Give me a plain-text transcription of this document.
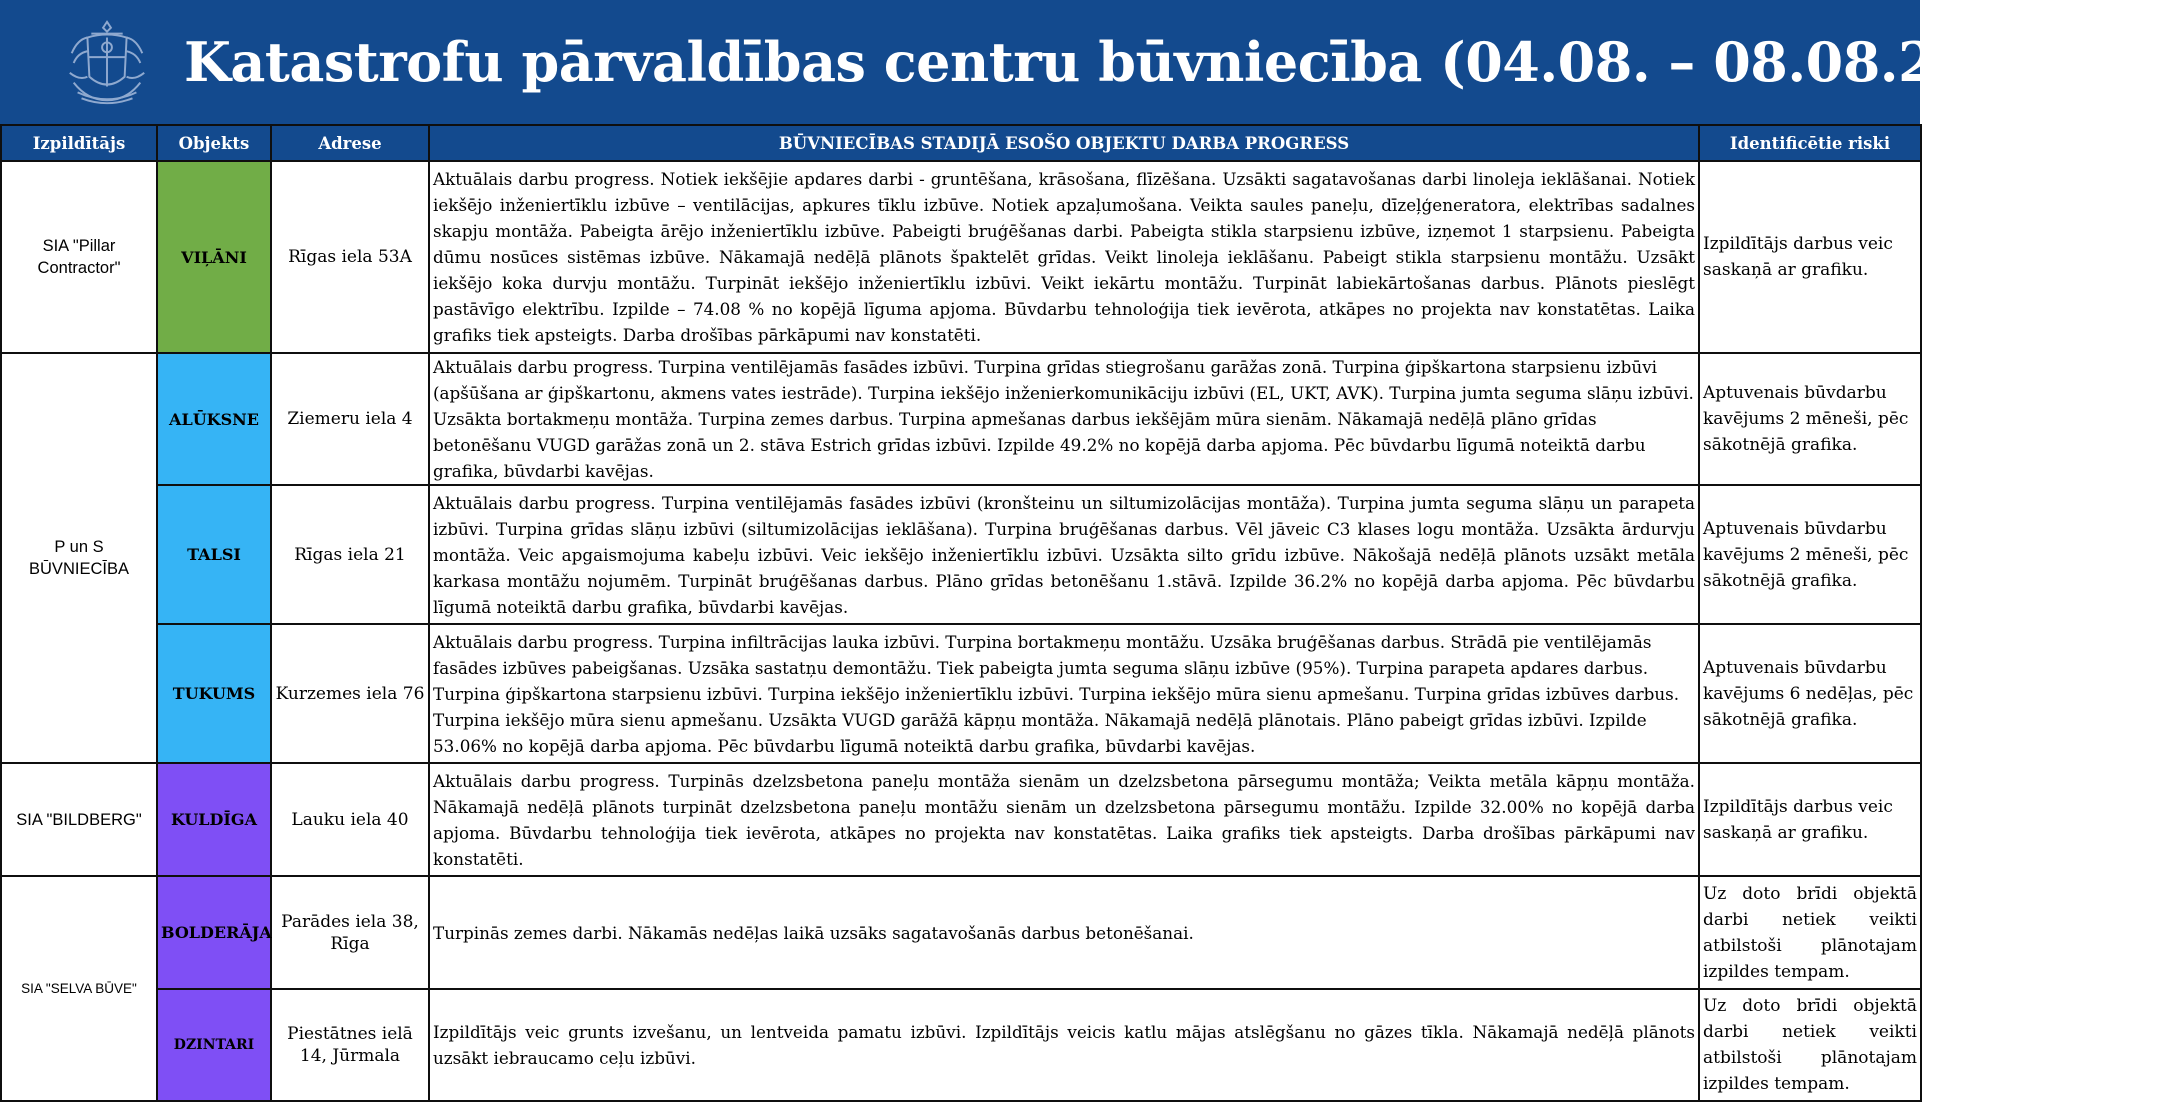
Katastrofu pārvaldības centru būvniecība (04.08. – 08.08.2025) (2)
Izpildītājs	Objekts	Adrese	BŪVNIECĪBAS STADIJĀ ESOŠO OBJEKTU DARBA PROGRESS	Identificētie riski
SIA "Pillar Contractor"	VIĻĀNI	Rīgas iela 53A	Aktuālais darbu progress. Notiek iekšējie apdares darbi - gruntēšana, krāsošana, flīzēšana. Uzsākti sagatavošanas darbi linoleja ieklāšanai. Notiek iekšējo inženiertīklu izbūve – ventilācijas, apkures tīklu izbūve. Notiek apzaļumošana. Veikta saules paneļu, dīzeļģeneratora, elektrības sadalnes skapju montāža. Pabeigta ārējo inženiertīklu izbūve. Pabeigti bruģēšanas darbi. Pabeigta stikla starpsienu izbūve, izņemot 1 starpsienu. Pabeigta dūmu nosūces sistēmas izbūve. Nākamajā nedēļā plānots špaktelēt grīdas. Veikt linoleja ieklāšanu. Pabeigt stikla starpsienu montāžu. Uzsākt iekšējo koka durvju montāžu. Turpināt iekšējo inženiertīklu izbūvi. Veikt iekārtu montāžu. Turpināt labiekārtošanas darbus. Plānots pieslēgt pastāvīgo elektrību. Izpilde – 74.08 % no kopējā līguma apjoma. Būvdarbu tehnoloģija tiek ievērota, atkāpes no projekta nav konstatētas. Laika grafiks tiek apsteigts. Darba drošības pārkāpumi nav konstatēti.	Izpildītājs darbus veic saskaņā ar grafiku.
P un S BŪVNIECĪBA	ALŪKSNE	Ziemeru iela 4	Aktuālais darbu progress. Turpina ventilējamās fasādes izbūvi. Turpina grīdas stiegrošanu garāžas zonā. Turpina ģipškartona starpsienu izbūvi (apšūšana ar ģipškartonu, akmens vates iestrāde). Turpina iekšējo inženierkomunikāciju izbūvi (EL, UKT, AVK). Turpina jumta seguma slāņu izbūvi. Uzsākta bortakmeņu montāža. Turpina zemes darbus. Turpina apmešanas darbus iekšējām mūra sienām. Nākamajā nedēļā plāno grīdas betonēšanu VUGD garāžas zonā un 2. stāva Estrich grīdas izbūvi. Izpilde 49.2% no kopējā darba apjoma. Pēc būvdarbu līgumā noteiktā darbu grafika, būvdarbi kavējas.	Aptuvenais būvdarbu kavējums 2 mēneši, pēc sākotnējā grafika.
	TALSI	Rīgas iela 21	Aktuālais darbu progress. Turpina ventilējamās fasādes izbūvi (kronšteinu un siltumizolācijas montāža). Turpina jumta seguma slāņu un parapeta izbūvi. Turpina grīdas slāņu izbūvi (siltumizolācijas ieklāšana). Turpina bruģēšanas darbus. Vēl jāveic C3 klases logu montāža. Uzsākta ārdurvju montāža. Veic apgaismojuma kabeļu izbūvi. Veic iekšējo inženiertīklu izbūvi. Uzsākta silto grīdu izbūve. Nākošajā nedēļā plānots uzsākt metāla karkasa montāžu nojumēm. Turpināt bruģēšanas darbus. Plāno grīdas betonēšanu 1.stāvā. Izpilde 36.2% no kopējā darba apjoma. Pēc būvdarbu līgumā noteiktā darbu grafika, būvdarbi kavējas.	Aptuvenais būvdarbu kavējums 2 mēneši, pēc sākotnējā grafika.
	TUKUMS	Kurzemes iela 76	Aktuālais darbu progress. Turpina infiltrācijas lauka izbūvi. Turpina bortakmeņu montāžu. Uzsāka bruģēšanas darbus. Strādā pie ventilējamās fasādes izbūves pabeigšanas. Uzsāka sastatņu demontāžu. Tiek pabeigta jumta seguma slāņu izbūve (95%). Turpina parapeta apdares darbus. Turpina ģipškartona starpsienu izbūvi. Turpina iekšējo inženiertīklu izbūvi. Turpina iekšējo mūra sienu apmešanu. Turpina grīdas izbūves darbus. Turpina iekšējo mūra sienu apmešanu. Uzsākta VUGD garāžā kāpņu montāža. Nākamajā nedēļā plānotais. Plāno pabeigt grīdas izbūvi. Izpilde 53.06% no kopējā darba apjoma. Pēc būvdarbu līgumā noteiktā darbu grafika, būvdarbi kavējas.	Aptuvenais būvdarbu kavējums 6 nedēļas, pēc sākotnējā grafika.
SIA "BILDBERG"	KULDĪGA	Lauku iela 40	Aktuālais darbu progress. Turpinās dzelzsbetona paneļu montāža sienām un dzelzsbetona pārsegumu montāža; Veikta metāla kāpņu montāža. Nākamajā nedēļā plānots turpināt dzelzsbetona paneļu montāžu sienām un dzelzsbetona pārsegumu montāžu. Izpilde 32.00% no kopējā darba apjoma. Būvdarbu tehnoloģija tiek ievērota, atkāpes no projekta nav konstatētas. Laika grafiks tiek apsteigts. Darba drošības pārkāpumi nav konstatēti.	Izpildītājs darbus veic saskaņā ar grafiku.
SIA "SELVA BŪVE"	BOLDERĀJA	Parādes iela 38, Rīga	Turpinās zemes darbi. Nākamās nedēļas laikā uzsāks sagatavošanās darbus betonēšanai.	Uz doto brīdi objektā darbi netiek veikti atbilstoši plānotajam izpildes tempam.
	DZINTARI	Piestātnes ielā 14, Jūrmala	Izpildītājs veic grunts izvešanu, un lentveida pamatu izbūvi. Izpildītājs veicis katlu mājas atslēgšanu no gāzes tīkla. Nākamajā nedēļā plānots uzsākt iebraucamo ceļu izbūvi.	Uz doto brīdi objektā darbi netiek veikti atbilstoši plānotajam izpildes tempam.
